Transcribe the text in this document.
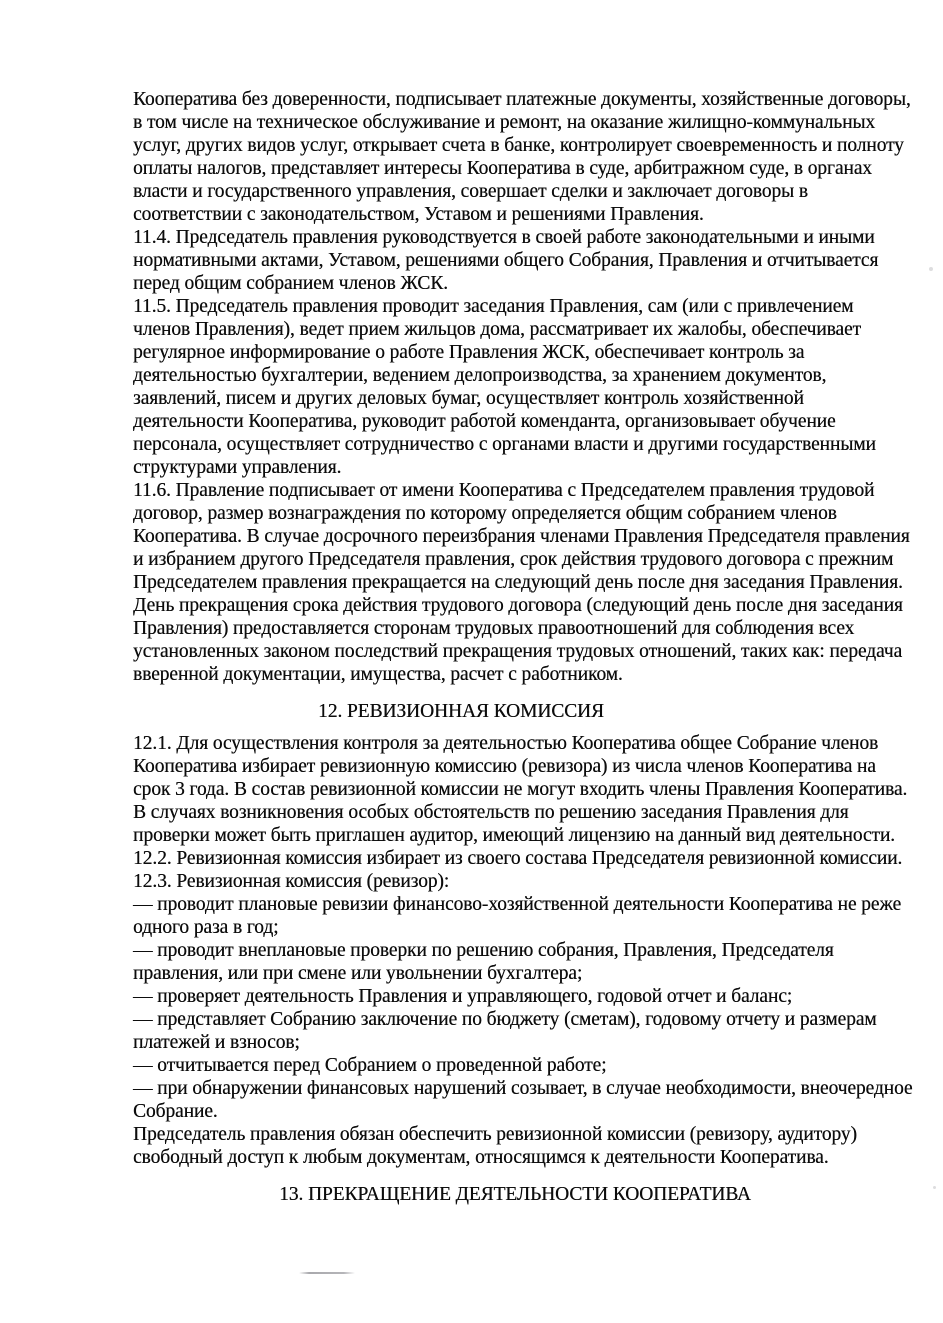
Кооператива без доверенности, подписывает платежные документы, хозяйственные договоры, в том числе на техническое обслуживание и ремонт, на оказание жилищно-коммунальных услуг, других видов услуг, открывает счета в банке, контролирует своевременность и полноту оплаты налогов, представляет интересы Кооператива в суде, арбитражном суде, в органах власти и государственного управления, совершает сделки и заключает договоры в соответствии с законодательством, Уставом и решениями Правления.

11.4. Председатель правления руководствуется в своей работе законодательными и иными нормативными актами, Уставом, решениями общего Собрания, Правления и отчитывается перед общим собранием членов ЖСК.

11.5. Председатель правления проводит заседания Правления, сам (или с привлечением членов Правления), ведет прием жильцов дома, рассматривает их жалобы, обеспечивает регулярное информирование о работе Правления ЖСК, обеспечивает контроль за деятельностью бухгалтерии, ведением делопроизводства, за хранением документов, заявлений, писем и других деловых бумаг, осуществляет контроль хозяйственной деятельности Кооператива, руководит работой коменданта, организовывает обучение персонала, осуществляет сотрудничество с органами власти и другими государственными структурами управления.

11.6. Правление подписывает от имени Кооператива с Председателем правления трудовой договор, размер вознаграждения по которому определяется общим собранием членов Кооператива. В случае досрочного переизбрания членами Правления Председателя правления и избранием другого Председателя правления, срок действия трудового договора с прежним Председателем правления прекращается на следующий день после дня заседания Правления. День прекращения срока действия трудового договора (следующий день после дня заседания Правления) предоставляется сторонам трудовых правоотношений для соблюдения всех установленных законом последствий прекращения трудовых отношений, таких как: передача вверенной документации, имущества, расчет с работником.

12. РЕВИЗИОННАЯ КОМИССИЯ

12.1. Для осуществления контроля за деятельностью Кооператива общее Собрание членов Кооператива избирает ревизионную комиссию (ревизора) из числа членов Кооператива на срок 3 года. В состав ревизионной комиссии не могут входить члены Правления Кооператива. В случаях возникновения особых обстоятельств по решению заседания Правления для проверки может быть приглашен аудитор, имеющий лицензию на данный вид деятельности.

12.2. Ревизионная комиссия избирает из своего состава Председателя ревизионной комиссии.

12.3. Ревизионная комиссия (ревизор):

— проводит плановые ревизии финансово-хозяйственной деятельности Кооператива не реже одного раза в год;

— проводит внеплановые проверки по решению собрания, Правления, Председателя правления, или при смене или увольнении бухгалтера;

— проверяет деятельность Правления и управляющего, годовой отчет и баланс;

— представляет Собранию заключение по бюджету (сметам), годовому отчету и размерам платежей и взносов;

— отчитывается перед Собранием о проведенной работе;

— при обнаружении финансовых нарушений созывает, в случае необходимости, внеочередное Собрание.

Председатель правления обязан обеспечить ревизионной комиссии (ревизору, аудитору) свободный доступ к любым документам, относящимся к деятельности Кооператива.

13. ПРЕКРАЩЕНИЕ ДЕЯТЕЛЬНОСТИ КООПЕРАТИВА
